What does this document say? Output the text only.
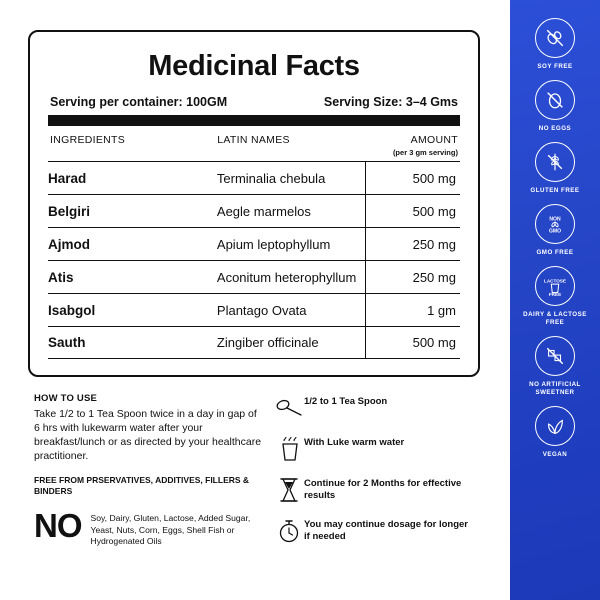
Medicinal Facts
Serving per container: 100GM	Serving Size: 3–4 Gms
INGREDIENTS	LATIN NAMES	AMOUNT
(per 3 gm serving)
Harad	Terminalia chebula	500 mg
Belgiri	Aegle marmelos	500 mg
Ajmod	Apium leptophyllum	250 mg
Atis	Aconitum heterophyllum	250 mg
Isabgol	Plantago Ovata	1 gm
Sauth	Zingiber officinale	500 mg
HOW TO USE

Take 1/2 to 1 Tea Spoon twice in a day in gap of 6 hrs with lukewarm water after your breakfast/lunch or as directed by your healthcare practitioner.

FREE FROM PRSERVATIVES, ADDITIVES, FILLERS & BINDERS
NO Soy, Dairy, Gluten, Lactose, Added Sugar, Yeast, Nuts, Corn, Eggs, Shell Fish or Hydrogenated Oils
1/2 to 1 Tea Spoon
With Luke warm water
Continue for 2 Months for effective results
You may continue dosage for longer if needed
SOY FREE
NO EGGS
GLUTEN FREE
NON
GMO
GMO FREE
LACTOSE
FREE
DAIRY & LACTOSE FREE
NO ARTIFICIAL SWEETNER
VEGAN
